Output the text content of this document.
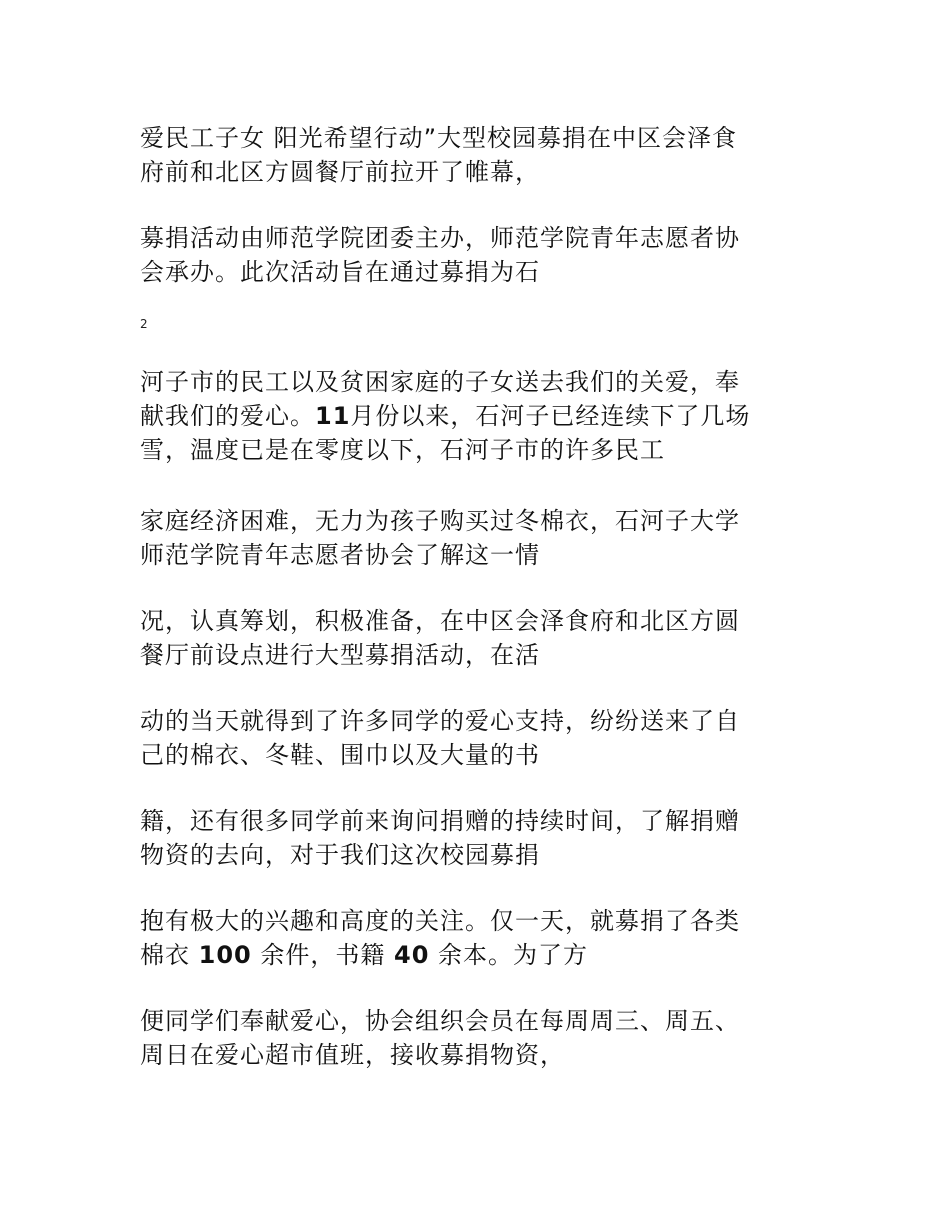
爱民工子女 阳光希望行动”大型校园募捐在中区会泽食
府前和北区方圆餐厅前拉开了帷幕，

募捐活动由师范学院团委主办，师范学院青年志愿者协
会承办。此次活动旨在通过募捐为石

2

河子市的民工以及贫困家庭的子女送去我们的关爱，奉
献我们的爱心。11月份以来，石河子已经连续下了几场
雪，温度已是在零度以下，石河子市的许多民工

家庭经济困难，无力为孩子购买过冬棉衣，石河子大学
师范学院青年志愿者协会了解这一情

况，认真筹划，积极准备，在中区会泽食府和北区方圆
餐厅前设点进行大型募捐活动，在活

动的当天就得到了许多同学的爱心支持，纷纷送来了自
己的棉衣、冬鞋、围巾以及大量的书

籍，还有很多同学前来询问捐赠的持续时间，了解捐赠
物资的去向，对于我们这次校园募捐

抱有极大的兴趣和高度的关注。仅一天，就募捐了各类
棉衣 100 余件，书籍 40 余本。为了方

便同学们奉献爱心，协会组织会员在每周周三、周五、
周日在爱心超市值班，接收募捐物资，
